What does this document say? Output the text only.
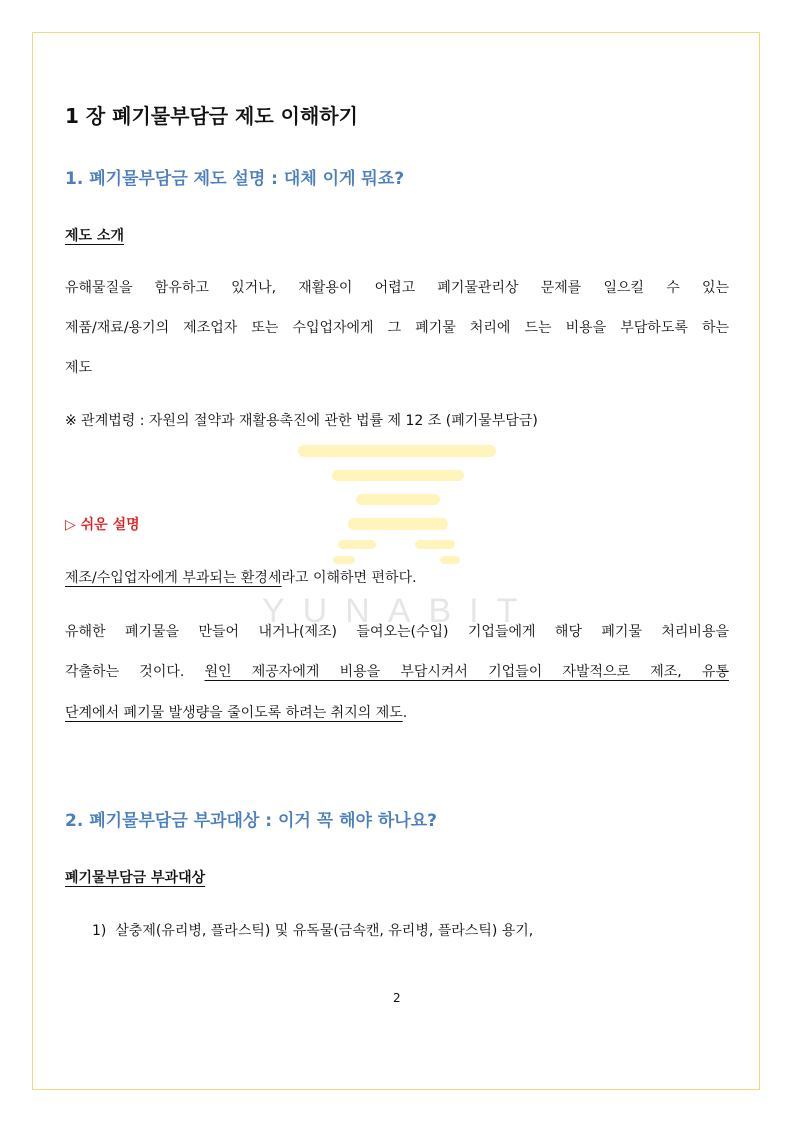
YUNABIT
1 장 폐기물부담금 제도 이해하기
1. 폐기물부담금 제도 설명 : 대체 이게 뭐죠?
제도 소개
유해물질을 함유하고 있거나, 재활용이 어렵고 폐기물관리상 문제를 일으킬 수 있는
제품/재료/용기의 제조업자 또는 수입업자에게 그 폐기물 처리에 드는 비용을 부담하도록 하는
제도
※ 관계법령 : 자원의 절약과 재활용촉진에 관한 법률 제 12 조 (폐기물부담금)
▷ 쉬운 설명
제조/수입업자에게 부과되는 환경세라고 이해하면 편하다.
유해한 폐기물을 만들어 내거나(제조) 들여오는(수입) 기업들에게 해당 폐기물 처리비용을
각출하는 것이다. 원인 제공자에게 비용을 부담시켜서 기업들이 자발적으로 제조, 유통
단계에서 폐기물 발생량을 줄이도록 하려는 취지의 제도.
2. 폐기물부담금 부과대상 : 이거 꼭 해야 하나요?
폐기물부담금 부과대상
1) 살충제(유리병, 플라스틱) 및 유독물(금속캔, 유리병, 플라스틱) 용기,
2
